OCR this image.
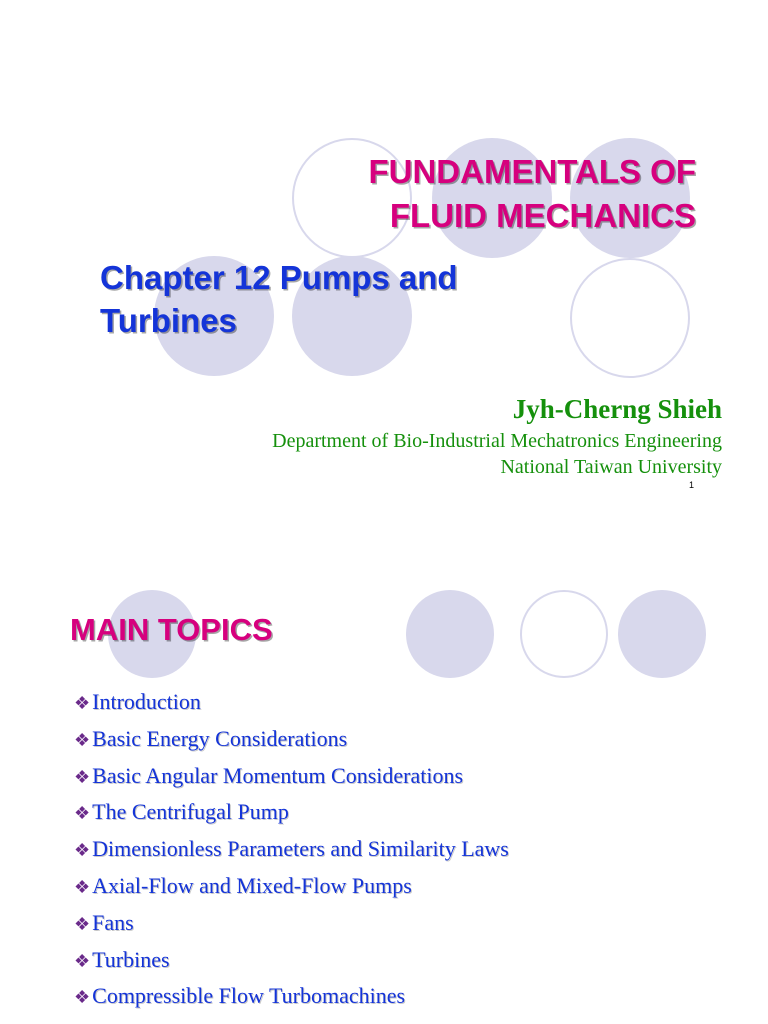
FUNDAMENTALS OF
FLUID MECHANICS
Chapter 12 Pumps and Turbines
Jyh-Cherng Shieh
Department of Bio-Industrial Mechatronics Engineering
National Taiwan University
1
MAIN TOPICS
❖Introduction
❖Basic Energy Considerations
❖Basic Angular Momentum Considerations
❖The Centrifugal Pump
❖Dimensionless Parameters and Similarity Laws
❖Axial-Flow and Mixed-Flow Pumps
❖Fans
❖Turbines
❖Compressible Flow Turbomachines
